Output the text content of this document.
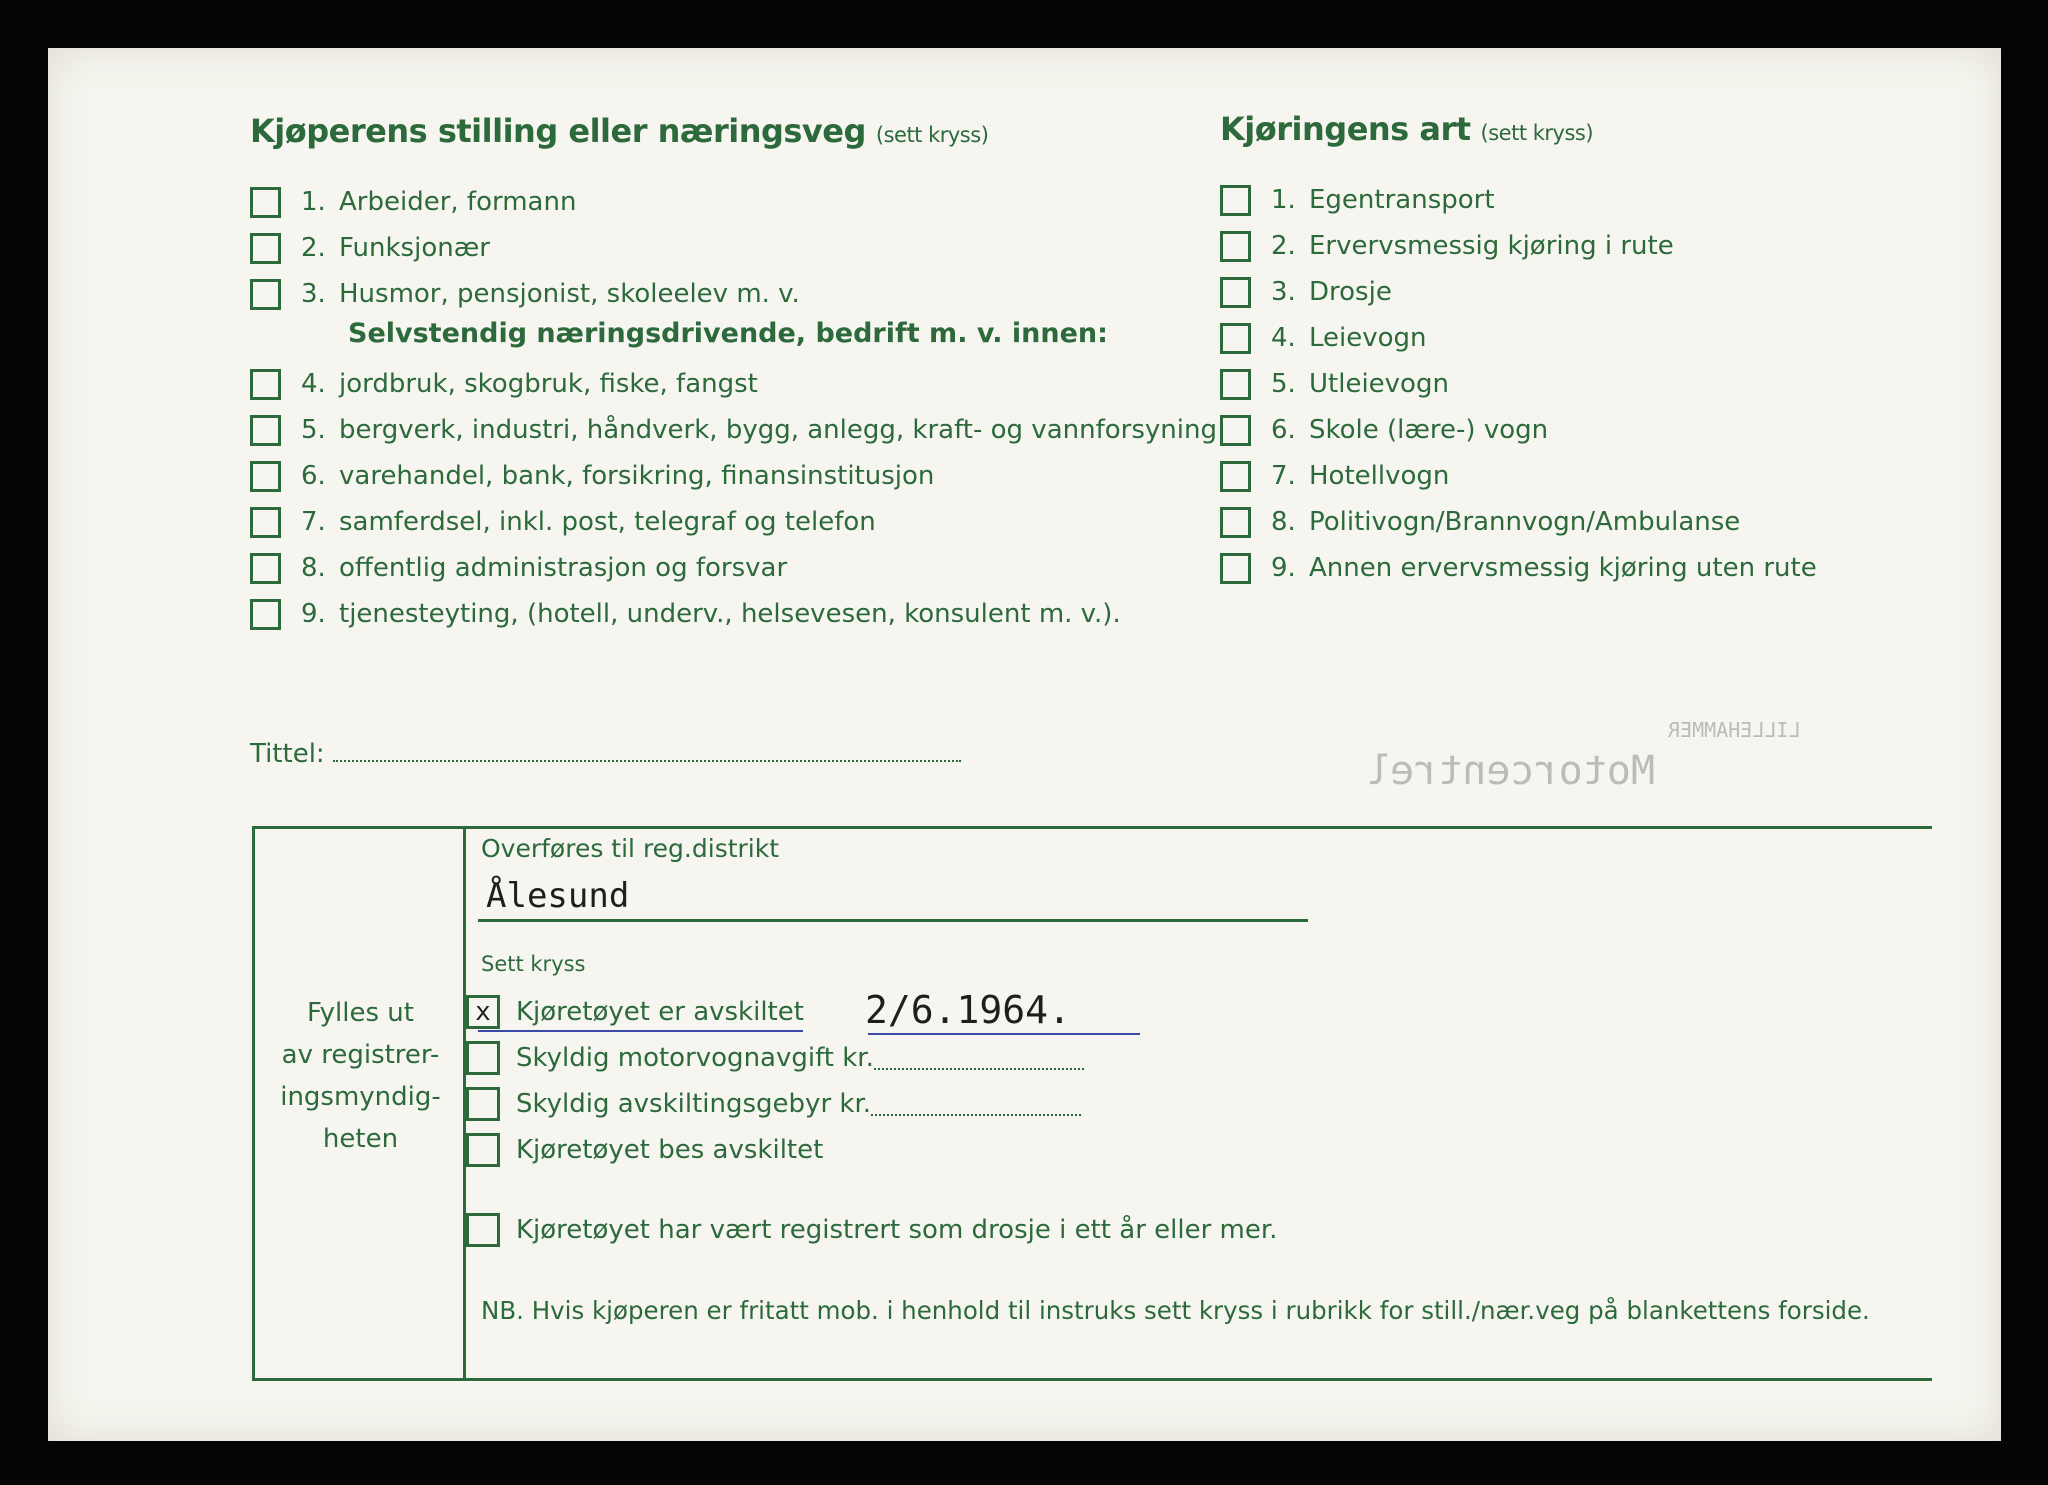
Motorcentrel
LILLEHAMMER
Kjøperens stilling eller næringsveg (sett kryss)
1. Arbeider, formann
2. Funksjonær
3. Husmor, pensjonist, skoleelev m. v.
Selvstendig næringsdrivende, bedrift m. v. innen:
4. jordbruk, skogbruk, fiske, fangst
5. bergverk, industri, håndverk, bygg, anlegg, kraft- og vannforsyning
6. varehandel, bank, forsikring, finansinstitusjon
7. samferdsel, inkl. post, telegraf og telefon
8. offentlig administrasjon og forsvar
9. tjenesteyting, (hotell, underv., helsevesen, konsulent m. v.).
Kjøringens art (sett kryss)
1. Egentransport
2. Ervervsmessig kjøring i rute
3. Drosje
4. Leievogn
5. Utleievogn
6. Skole (lære-) vogn
7. Hotellvogn
8. Politivogn/Brannvogn/Ambulanse
9. Annen ervervsmessig kjøring uten rute
Tittel:
Fylles ut
av registrer-
ingsmyndig-
heten
Overføres til reg.distrikt
Ålesund
Sett kryss
x Kjøretøyet er avskiltet 2/6.1964.
Skyldig motorvognavgift kr.
Skyldig avskiltingsgebyr kr.
Kjøretøyet bes avskiltet
Kjøretøyet har vært registrert som drosje i ett år eller mer.
NB. Hvis kjøperen er fritatt mob. i henhold til instruks sett kryss i rubrikk for still./nær.veg på blankettens forside.
